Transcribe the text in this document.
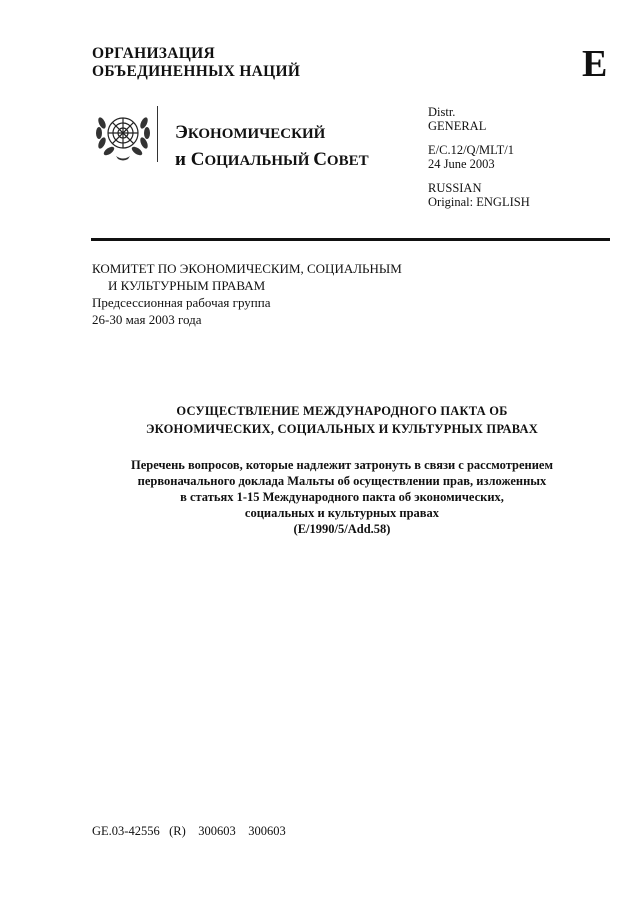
ОРГАНИЗАЦИЯ
ОБЪЕДИНЕННЫХ НАЦИЙ	E
ЭКОНОМИЧЕСКИЙ
и СОЦИАЛЬНЫЙ СОВЕТ
Distr.
GENERAL
E/C.12/Q/MLT/1
24 June 2003
RUSSIAN
Original: ENGLISH
КОМИТЕТ ПО ЭКОНОМИЧЕСКИМ, СОЦИАЛЬНЫМ
И КУЛЬТУРНЫМ ПРАВАМ
Предсессионная рабочая группа
26-30 мая 2003 года
ОСУЩЕСТВЛЕНИЕ МЕЖДУНАРОДНОГО ПАКТА ОБ
ЭКОНОМИЧЕСКИХ, СОЦИАЛЬНЫХ И КУЛЬТУРНЫХ ПРАВАХ
Перечень вопросов, которые надлежит затронуть в связи с рассмотрением
первоначального доклада Мальты об осуществлении прав, изложенных
в статьях 1-15 Международного пакта об экономических,
социальных и культурных правах
(E/1990/5/Add.58)
GE.03-42556   (R)    300603    300603
